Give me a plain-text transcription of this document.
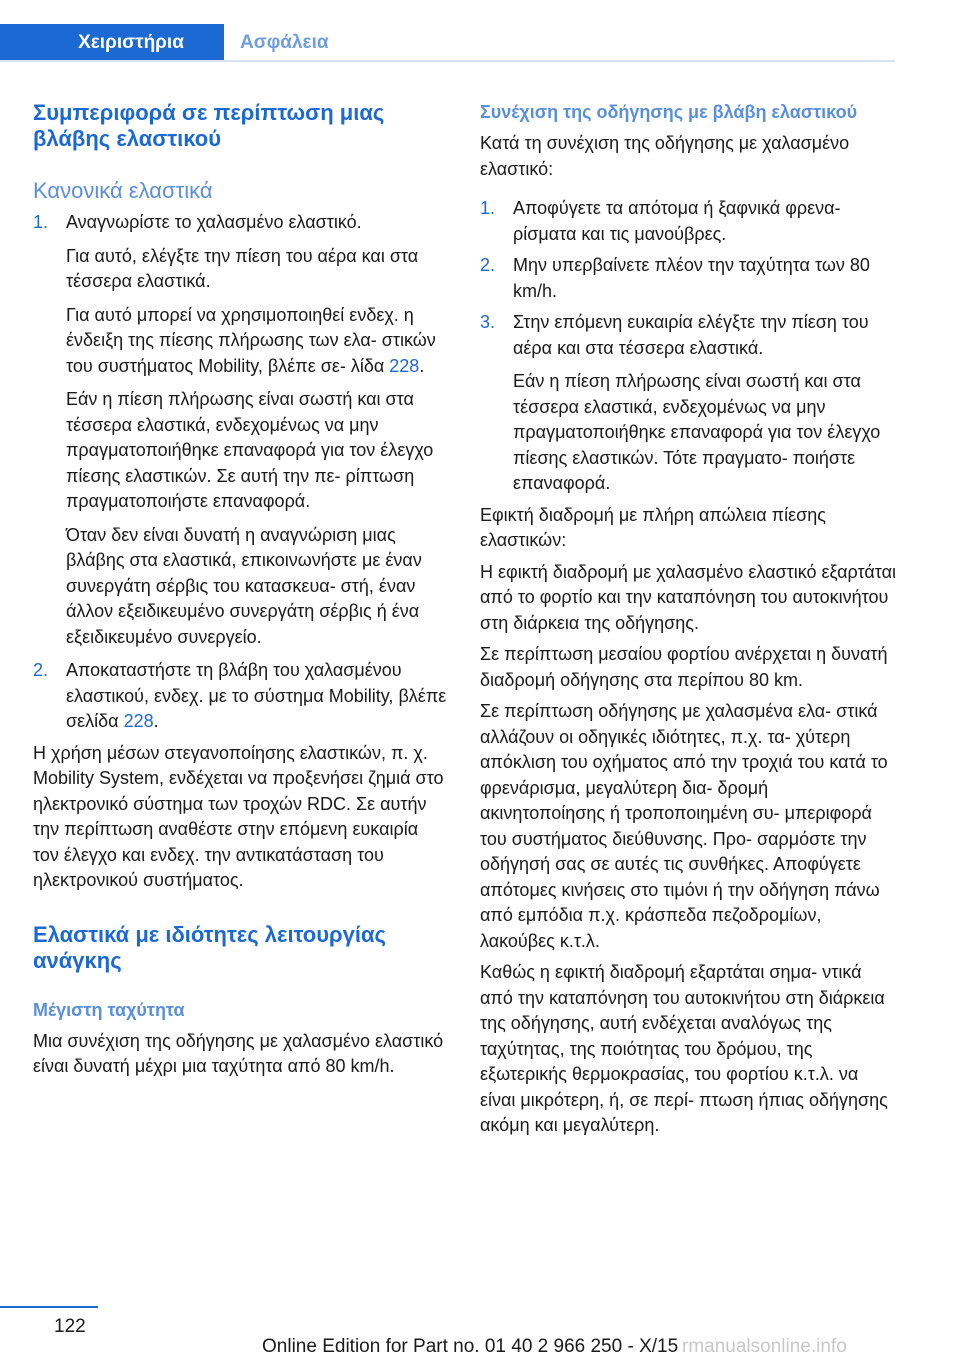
Χειριστήρια	Ασφάλεια
Συμπεριφορά σε περίπτωση μιας βλάβης ελαστικού
Κανονικά ελαστικά
1. Αναγνωρίστε το χαλασμένο ελαστικό.

Για αυτό, ελέγξτε την πίεση του αέρα και στα τέσσερα ελαστικά.

Για αυτό μπορεί να χρησιμοποιηθεί ενδεχ. η ένδειξη της πίεσης πλήρωσης των ελα- στικών του συστήματος Mobility, βλέπε σε- λίδα 228.

Εάν η πίεση πλήρωσης είναι σωστή και στα τέσσερα ελαστικά, ενδεχομένως να μην πραγματοποιήθηκε επαναφορά για τον έλεγχο πίεσης ελαστικών. Σε αυτή την πε- ρίπτωση πραγματοποιήστε επαναφορά.

Όταν δεν είναι δυνατή η αναγνώριση μιας βλάβης στα ελαστικά, επικοινωνήστε με έναν συνεργάτη σέρβις του κατασκευα- στή, έναν άλλον εξειδικευμένο συνεργάτη σέρβις ή ένα εξειδικευμένο συνεργείο.

2. Αποκαταστήστε τη βλάβη του χαλασμένου ελαστικού, ενδεχ. με το σύστημα Mobility, βλέπε σελίδα 228.

Η χρήση μέσων στεγανοποίησης ελαστικών, π. χ. Mobility System, ενδέχεται να προξενήσει ζημιά στο ηλεκτρονικό σύστημα των τροχών RDC. Σε αυτήν την περίπτωση αναθέστε στην επόμενη ευκαιρία τον έλεγχο και ενδεχ. την αντικατάσταση του ηλεκτρονικού συστήματος.

Ελαστικά με ιδιότητες λειτουργίας ανάγκης
Μέγιστη ταχύτητα

Μια συνέχιση της οδήγησης με χαλασμένο ελαστικό είναι δυνατή μέχρι μια ταχύτητα από 80 km/h.

Συνέχιση της οδήγησης με βλάβη ελαστικού

Κατά τη συνέχιση της οδήγησης με χαλασμένο ελαστικό:

1. Αποφύγετε τα απότομα ή ξαφνικά φρενα- ρίσματα και τις μανούβρες.
2. Μην υπερβαίνετε πλέον την ταχύτητα των 80 km/h.
3. Στην επόμενη ευκαιρία ελέγξτε την πίεση του αέρα και στα τέσσερα ελαστικά.

Εάν η πίεση πλήρωσης είναι σωστή και στα τέσσερα ελαστικά, ενδεχομένως να μην πραγματοποιήθηκε επαναφορά για τον έλεγχο πίεσης ελαστικών. Τότε πραγματο- ποιήστε επαναφορά.

Εφικτή διαδρομή με πλήρη απώλεια πίεσης ελαστικών:

Η εφικτή διαδρομή με χαλασμένο ελαστικό εξαρτάται από το φορτίο και την καταπόνηση του αυτοκινήτου στη διάρκεια της οδήγησης.

Σε περίπτωση μεσαίου φορτίου ανέρχεται η δυνατή διαδρομή οδήγησης στα περίπου 80 km.

Σε περίπτωση οδήγησης με χαλασμένα ελα- στικά αλλάζουν οι οδηγικές ιδιότητες, π.χ. τα- χύτερη απόκλιση του οχήματος από την τροχιά του κατά το φρενάρισμα, μεγαλύτερη δια- δρομή ακινητοποίησης ή τροποποιημένη συ- μπεριφορά του συστήματος διεύθυνσης. Προ- σαρμόστε την οδήγησή σας σε αυτές τις συνθήκες. Αποφύγετε απότομες κινήσεις στο τιμόνι ή την οδήγηση πάνω από εμπόδια π.χ. κράσπεδα πεζοδρομίων, λακούβες κ.τ.λ.

Καθώς η εφικτή διαδρομή εξαρτάται σημα- ντικά από την καταπόνηση του αυτοκινήτου στη διάρκεια της οδήγησης, αυτή ενδέχεται αναλόγως της ταχύτητας, της ποιότητας του δρόμου, της εξωτερικής θερμοκρασίας, του φορτίου κ.τ.λ. να είναι μικρότερη, ή, σε περί- πτωση ήπιας οδήγησης ακόμη και μεγαλύτερη.

122
Online Edition for Part no. 01 40 2 966 250 - X/15 rmanualsonline.info
